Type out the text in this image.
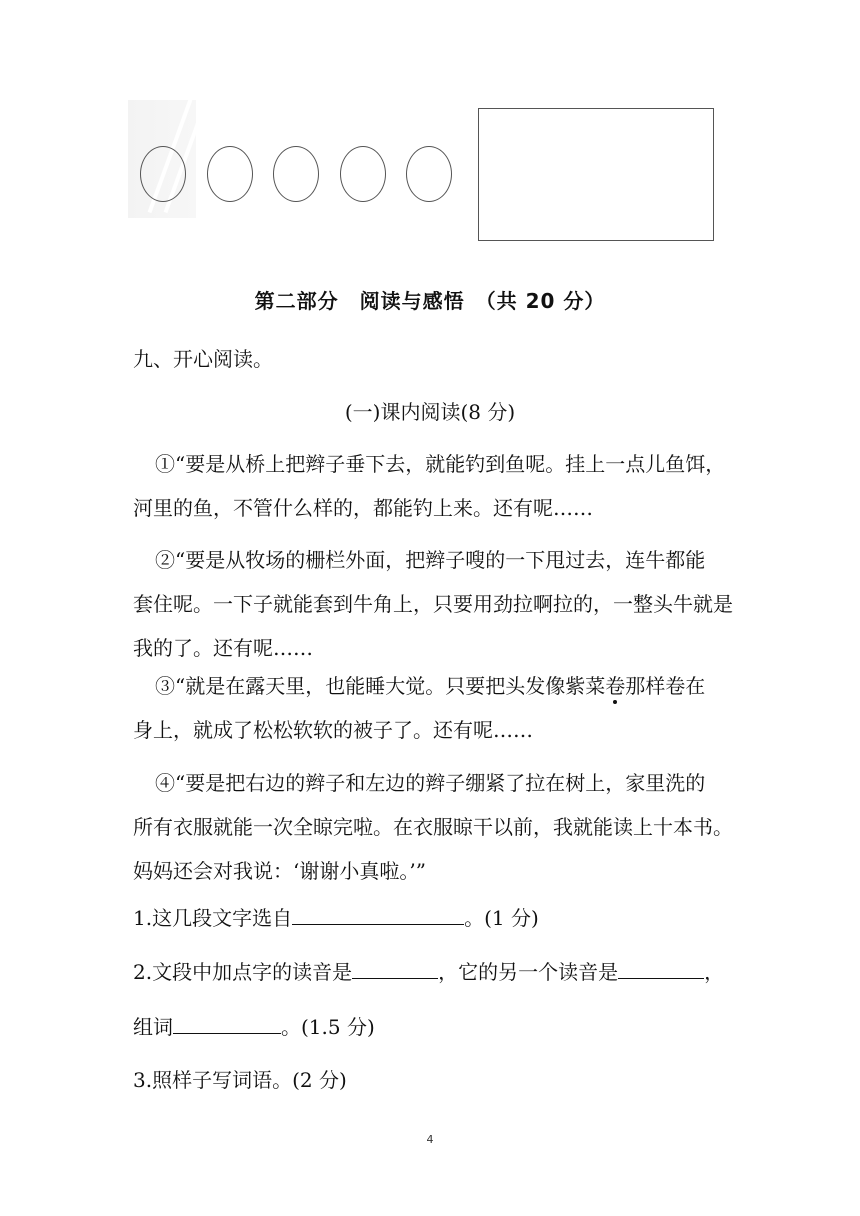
第二部分　阅读与感悟　（共 20 分）
九、开心阅读。
(一)课内阅读(8 分)
①“要是从桥上把辫子垂下去，就能钓到鱼呢。挂上一点儿鱼饵，
河里的鱼，不管什么样的，都能钓上来。还有呢……
②“要是从牧场的栅栏外面，把辫子嗖的一下甩过去，连牛都能
套住呢。一下子就能套到牛角上，只要用劲拉啊拉的，一整头牛就是
我的了。还有呢……
③“就是在露天里，也能睡大觉。只要把头发像紫菜卷那样卷在
身上，就成了松松软软的被子了。还有呢……
④“要是把右边的辫子和左边的辫子绷紧了拉在树上，家里洗的
所有衣服就能一次全晾完啦。在衣服晾干以前，我就能读上十本书。
妈妈还会对我说：‘谢谢小真啦。’”
1.这几段文字选自	。(1 分)
2.文段中加点字的读音是	，它的另一个读音是	，
组词	。(1.5 分)
3.照样子写词语。(2 分)
4
